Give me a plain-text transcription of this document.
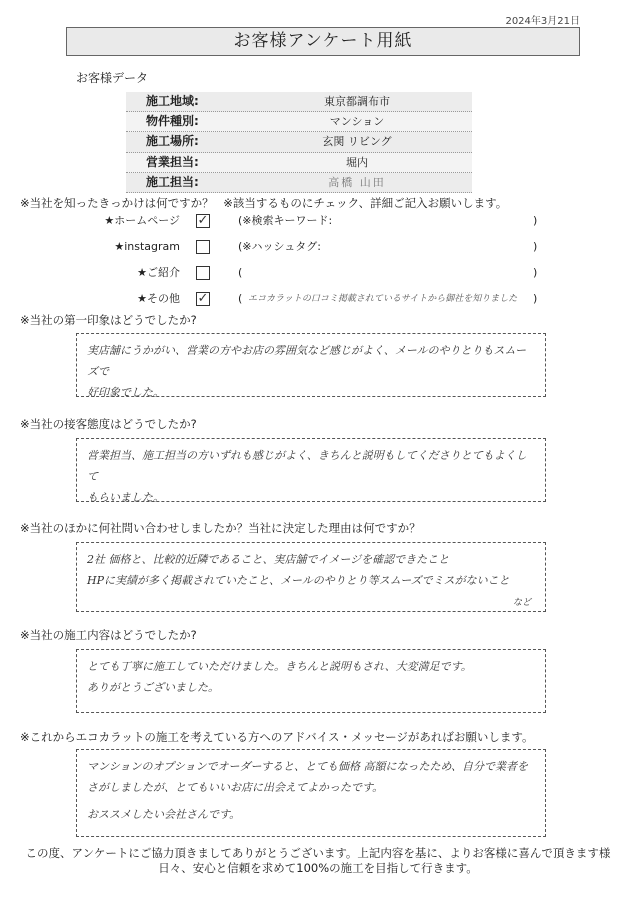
2024年3月21日
お客様アンケート用紙
お客様データ
施工地域:	東京都調布市
物件種別:	マンション
施工場所:	玄関 リビング
営業担当:	堀内
施工担当:	高橋 山田
※当社を知ったきっかけは何ですか？ ※該当するものにチェック、詳細ご記入お願いします。
★ホームページ ✓	(※検索キーワード:	)
★instagram	(※ハッシュタグ:	)
★ご紹介	(	)
★その他 ✓	( エコカラットの口コミ掲載されているサイトから御社を知りました )
※当社の第一印象はどうでしたか?
実店舗にうかがい、営業の方やお店の雰囲気など感じがよく、メールのやりとりもスムーズで
好印象でした。
※当社の接客態度はどうでしたか?
営業担当、施工担当の方いずれも感じがよく、きちんと説明もしてくださりとてもよくして
もらいました。
※当社のほかに何社問い合わせしましたか？当社に決定した理由は何ですか？
2社 価格と、比較的近隣であること、実店舗でイメージを確認できたこと
HPに実績が多く掲載されていたこと、メールのやりとり等スムーズでミスがないこと
など
※当社の施工内容はどうでしたか?
とても丁寧に施工していただけました。きちんと説明もされ、大変満足です。
ありがとうございました。
※これからエコカラットの施工を考えている方へのアドバイス・メッセージがあればお願いします。
マンションのオプションでオーダーすると、とても価格 高額になったため、自分で業者を
さがしましたが、とてもいいお店に出会えてよかったです。
おススメしたい会社さんです。
この度、アンケートにご協力頂きましてありがとうございます。上記内容を基に、よりお客様に喜んで頂きます様
日々、安心と信頼を求めて100%の施工を目指して行きます。
